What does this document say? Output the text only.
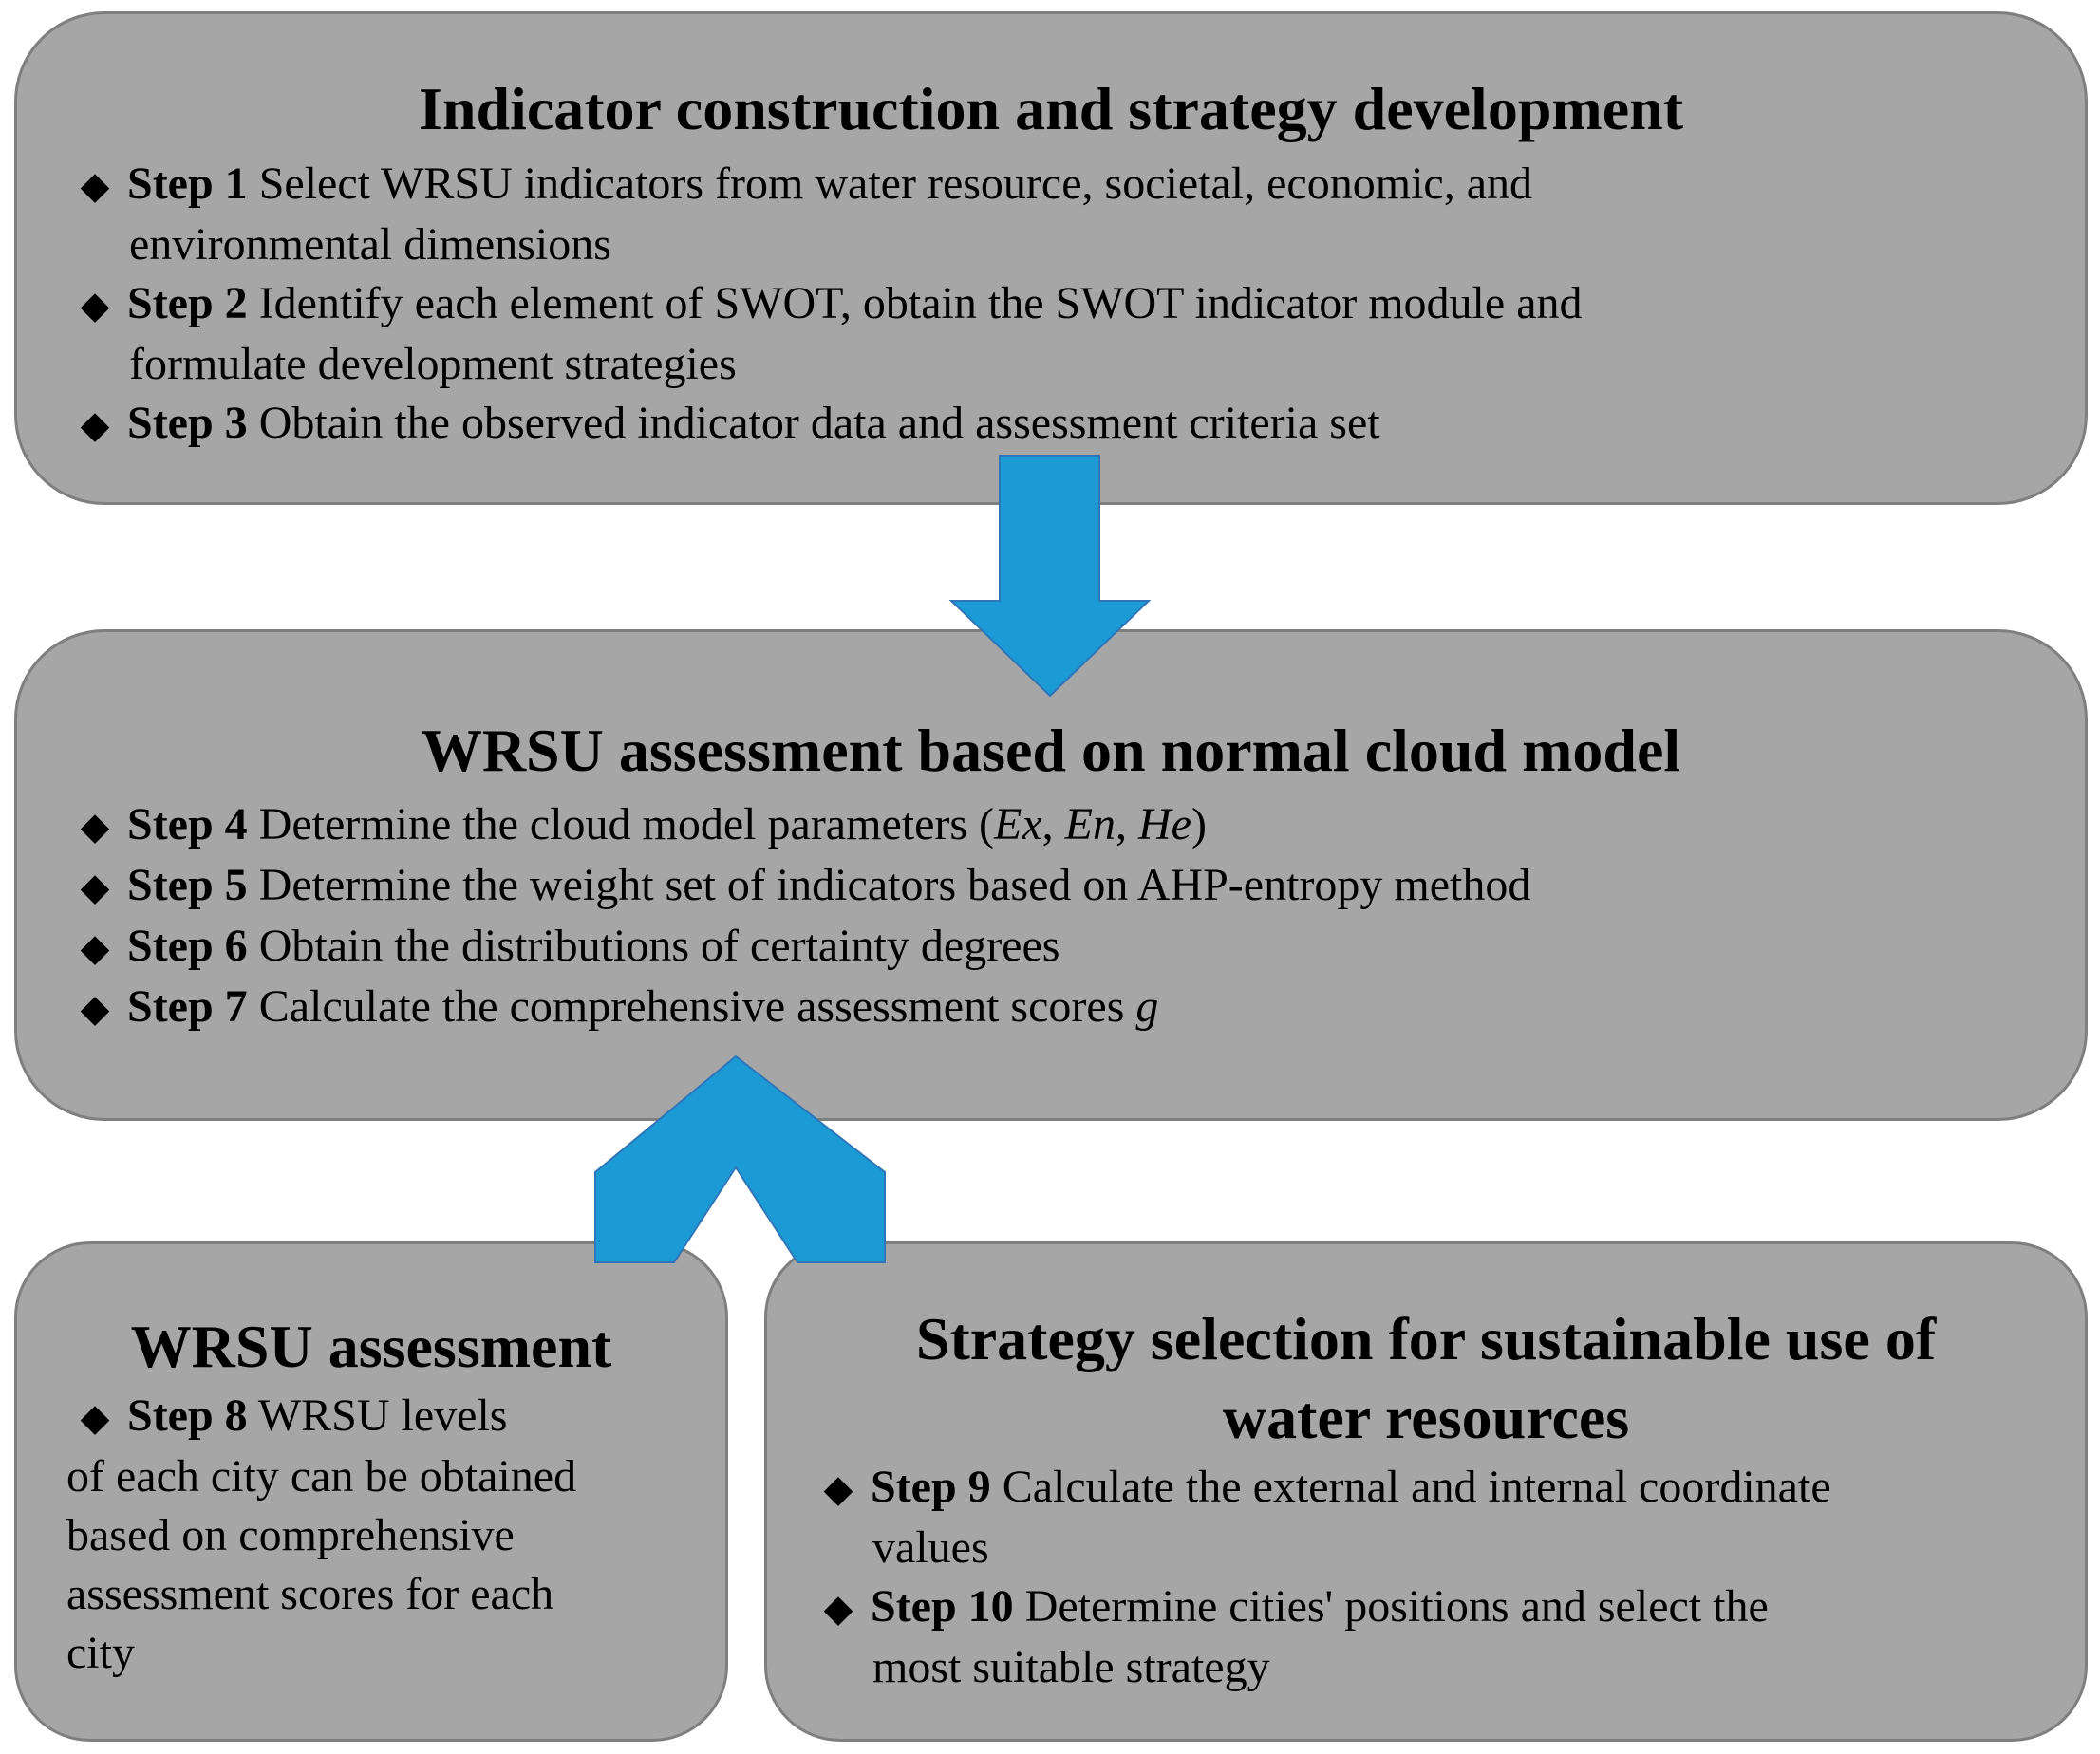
Indicator construction and strategy development
◆ Step 1 Select WRSU indicators from water resource, societal, economic, and
environmental dimensions
◆ Step 2 Identify each element of SWOT, obtain the SWOT indicator module and
formulate development strategies
◆ Step 3 Obtain the observed indicator data and assessment criteria set
WRSU assessment based on normal cloud model
◆ Step 4 Determine the cloud model parameters (Ex, En, He)
◆ Step 5 Determine the weight set of indicators based on AHP-entropy method
◆ Step 6 Obtain the distributions of certainty degrees
◆ Step 7 Calculate the comprehensive assessment scores g
WRSU assessment
◆ Step 8 WRSU levels
of each city can be obtained
based on comprehensive
assessment scores for each
city
Strategy selection for sustainable use of
water resources
◆ Step 9 Calculate the external and internal coordinate
values
◆ Step 10 Determine cities' positions and select the
most suitable strategy
